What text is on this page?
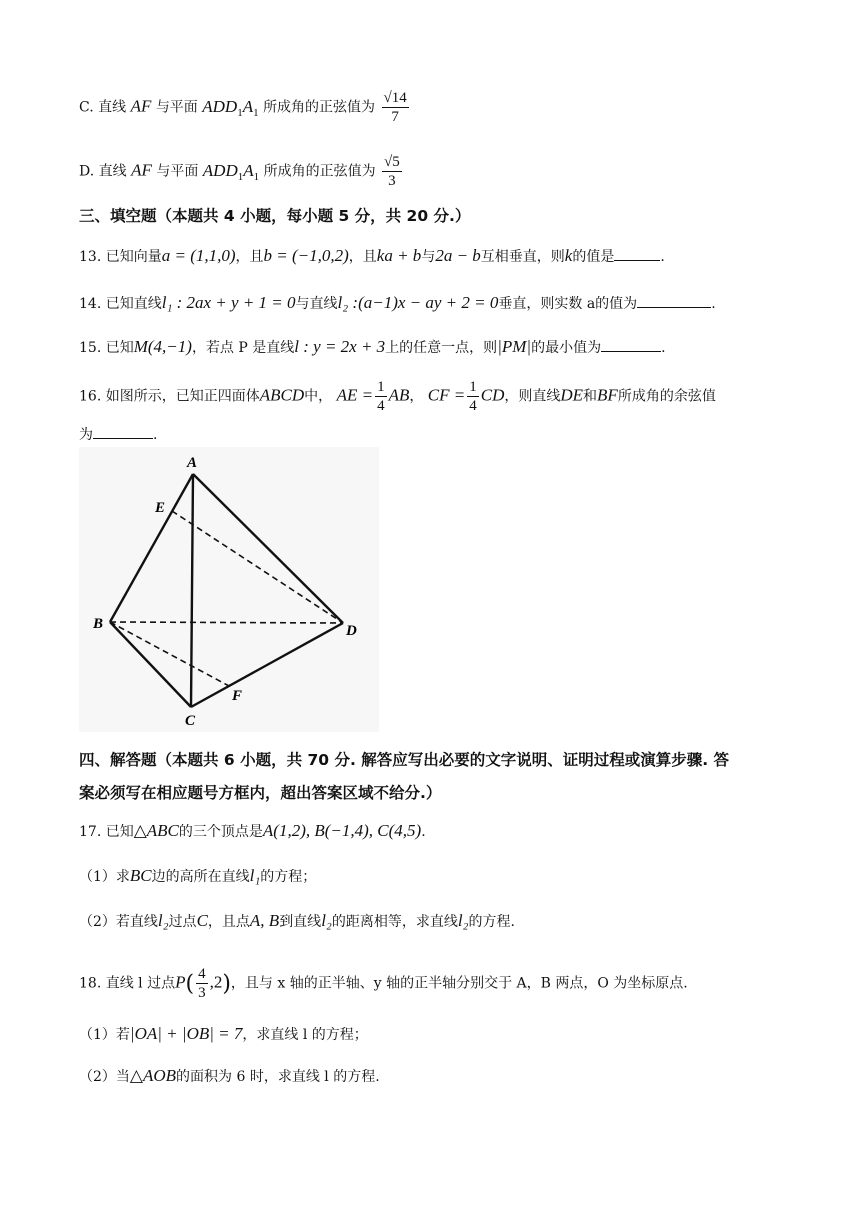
C. 直线 AF 与平面 $ADD_1A_1$ 所成角的正弦值为 $\frac{√14}{7}$
D. 直线 AF 与平面 $ADD_1A_1$ 所成角的正弦值为 $\frac{√5}{3}$
三、填空题（本题共 4 小题，每小题 5 分，共 20 分.）
13. 已知向量a = (1,1,0)，且b = (−1,0,2)，且ka + b与2a − b互相垂直，则k的值是	.
14. 已知直线l₁ : 2ax + y + 1 = 0与直线l₂ :(a−1)x − ay + 2 = 0垂直，则实数 a的值为	.
15. 已知M(4,−1)，若点 P 是直线l : y = 2x + 3上的任意一点，则|PM|的最小值为	.
16. 如图所示，已知正四面体ABCD中， AE = $\frac{1}{4}$ AB， CF = $\frac{1}{4}$ CD，则直线DE和BF所成角的余弦值
为	.
A
E
B	D
F
C
四、解答题（本题共 6 小题，共 70 分. 解答应写出必要的文字说明、证明过程或演算步骤. 答
案必须写在相应题号方框内，超出答案区域不给分.）
17. 已知△ABC的三个顶点是A(1,2), B(−1,4), C(4,5).
（1）求BC边的高所在直线l₁的方程；
（2）若直线l₂过点C，且点A, B到直线l₂的距离相等，求直线l₂的方程.
18. 直线 l 过点$P( \frac{4}{3} ,2)$，且与 x 轴的正半轴、y 轴的正半轴分别交于 A，B 两点，O 为坐标原点.
（1）若|OA| + |OB| = 7，求直线 l 的方程；
（2）当△AOB的面积为 6 时，求直线 l 的方程.
